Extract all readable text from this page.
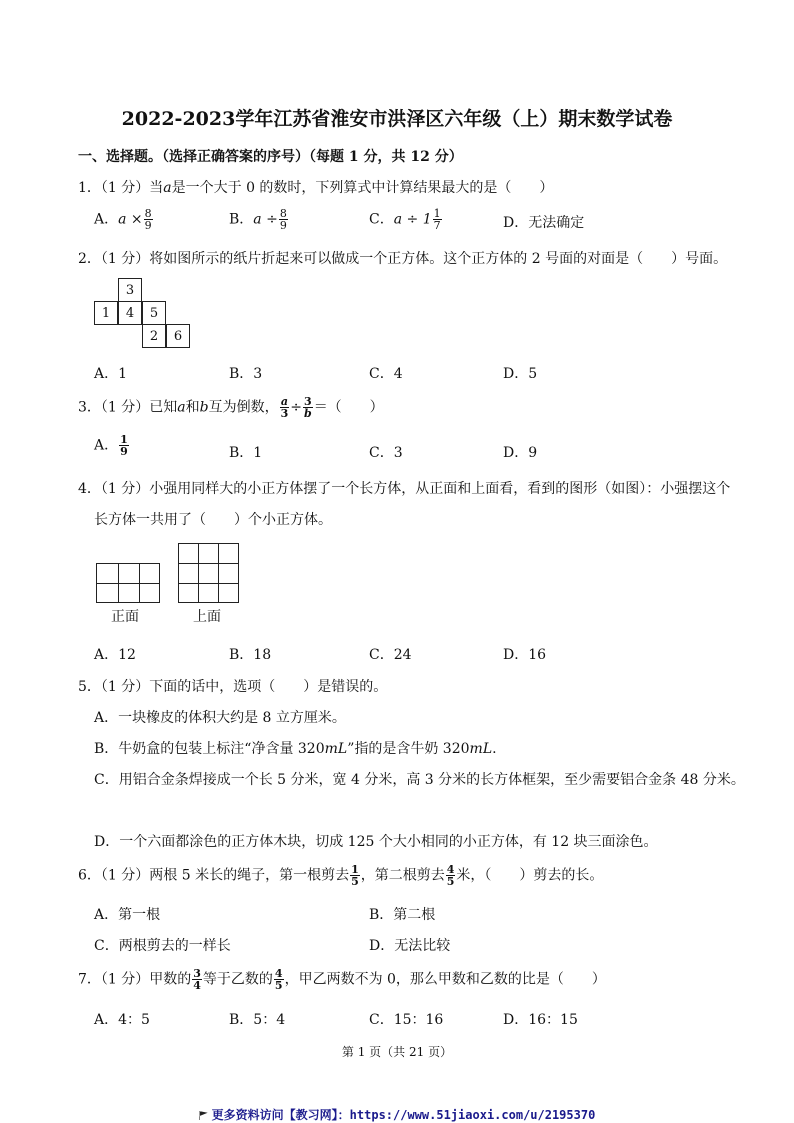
2022-2023学年江苏省淮安市洪泽区六年级（上）期末数学试卷
一、选择题。（选择正确答案的序号）（每题 1 分，共 12 分）
1．（1 分）当a是一个大于 0 的数时，下列算式中计算结果最大的是（　　）
A．$a \times \frac{8}{9}$	B．$a \div \frac{8}{9}$	C．$a \div 1 \frac{1}{7}$	D．无法确定
2．（1 分）将如图所示的纸片折起来可以做成一个正方体。这个正方体的 2 号面的对面是（　　）号面。
3
1	4	5
2	6
A．1	B．3	C．4	D．5
3．（1 分）已知a和b互为倒数， $\frac{a}{3} \div \frac{3}{b}$ ＝（　　）
A． $\frac{1}{9}$	B．1	C．3	D．9
4．（1 分）小强用同样大的小正方体摆了一个长方体，从正面和上面看，看到的图形（如图）：小强摆这个
长方体一共用了（　　）个小正方体。
正面	上面
A．12	B．18	C．24	D．16
5．（1 分）下面的话中，选项（　　）是错误的。
A．一块橡皮的体积大约是 8 立方厘米。
B．牛奶盒的包装上标注“净含量 320mL”指的是含牛奶 320mL.
C．用铝合金条焊接成一个长 5 分米，宽 4 分米，高 3 分米的长方体框架，至少需要铝合金条 48 分米。
D．一个六面都涂色的正方体木块，切成 125 个大小相同的小正方体，有 12 块三面涂色。
6．（1 分）两根 5 米长的绳子，第一根剪去 $\frac{1}{5}$ ，第二根剪去 $\frac{4}{5}$ 米，（　　）剪去的长。
A．第一根	B．第二根
C．两根剪去的一样长	D．无法比较
7．（1 分）甲数的 $\frac{3}{4}$ 等于乙数的 $\frac{4}{5}$ ，甲乙两数不为 0，那么甲数和乙数的比是（　　）
A．4：5	B．5：4	C．15：16	D．16：15
第 1 页（共 21 页）
更多资料访问【教习网】：https://www.51jiaoxi.com/u/2195370
